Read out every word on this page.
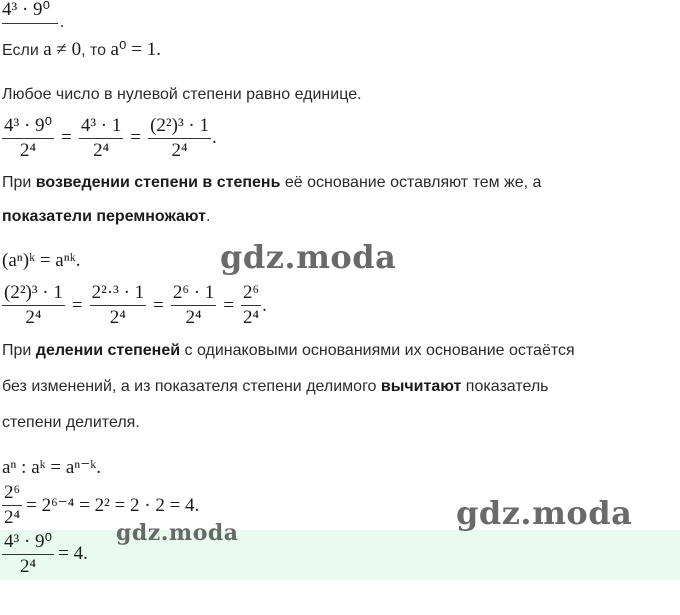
4³ · 9⁰
.
Если a ≠ 0, то a⁰ = 1.
Любое число в нулевой степени равно единице.
$\frac{\text{4³ · 9⁰}}{\text{2⁴}} = \frac{\text{4³ · 1}}{\text{2⁴}} = \frac{\text{(2²)³ · 1}}{\text{2⁴}}$ .
При возведении степени в степень её основание оставляют тем же, а
показатели перемножают.
(aⁿ)ᵏ = aⁿᵏ.
$\frac{\text{(2²)³ · 1}}{\text{2⁴}} = \frac{\text{2²·³ · 1}}{\text{2⁴}} = \frac{\text{2⁶ · 1}}{\text{2⁴}} = \frac{\text{2⁶}}{\text{2⁴}}$ .
При делении степеней с одинаковыми основаниями их основание остаётся
без изменений, а из показателя степени делимого вычитают показатель
степени делителя.
aⁿ : aᵏ = aⁿ⁻ᵏ.
$\frac{\text{2⁶}}{\text{2⁴}} = 2^{6-4} = 2^2 = 2 \cdot 2 = 4$.
$\frac{\text{4³ · 9⁰}}{\text{2⁴}} = 4$.
gdz.moda
gdz.moda
gdz.moda
